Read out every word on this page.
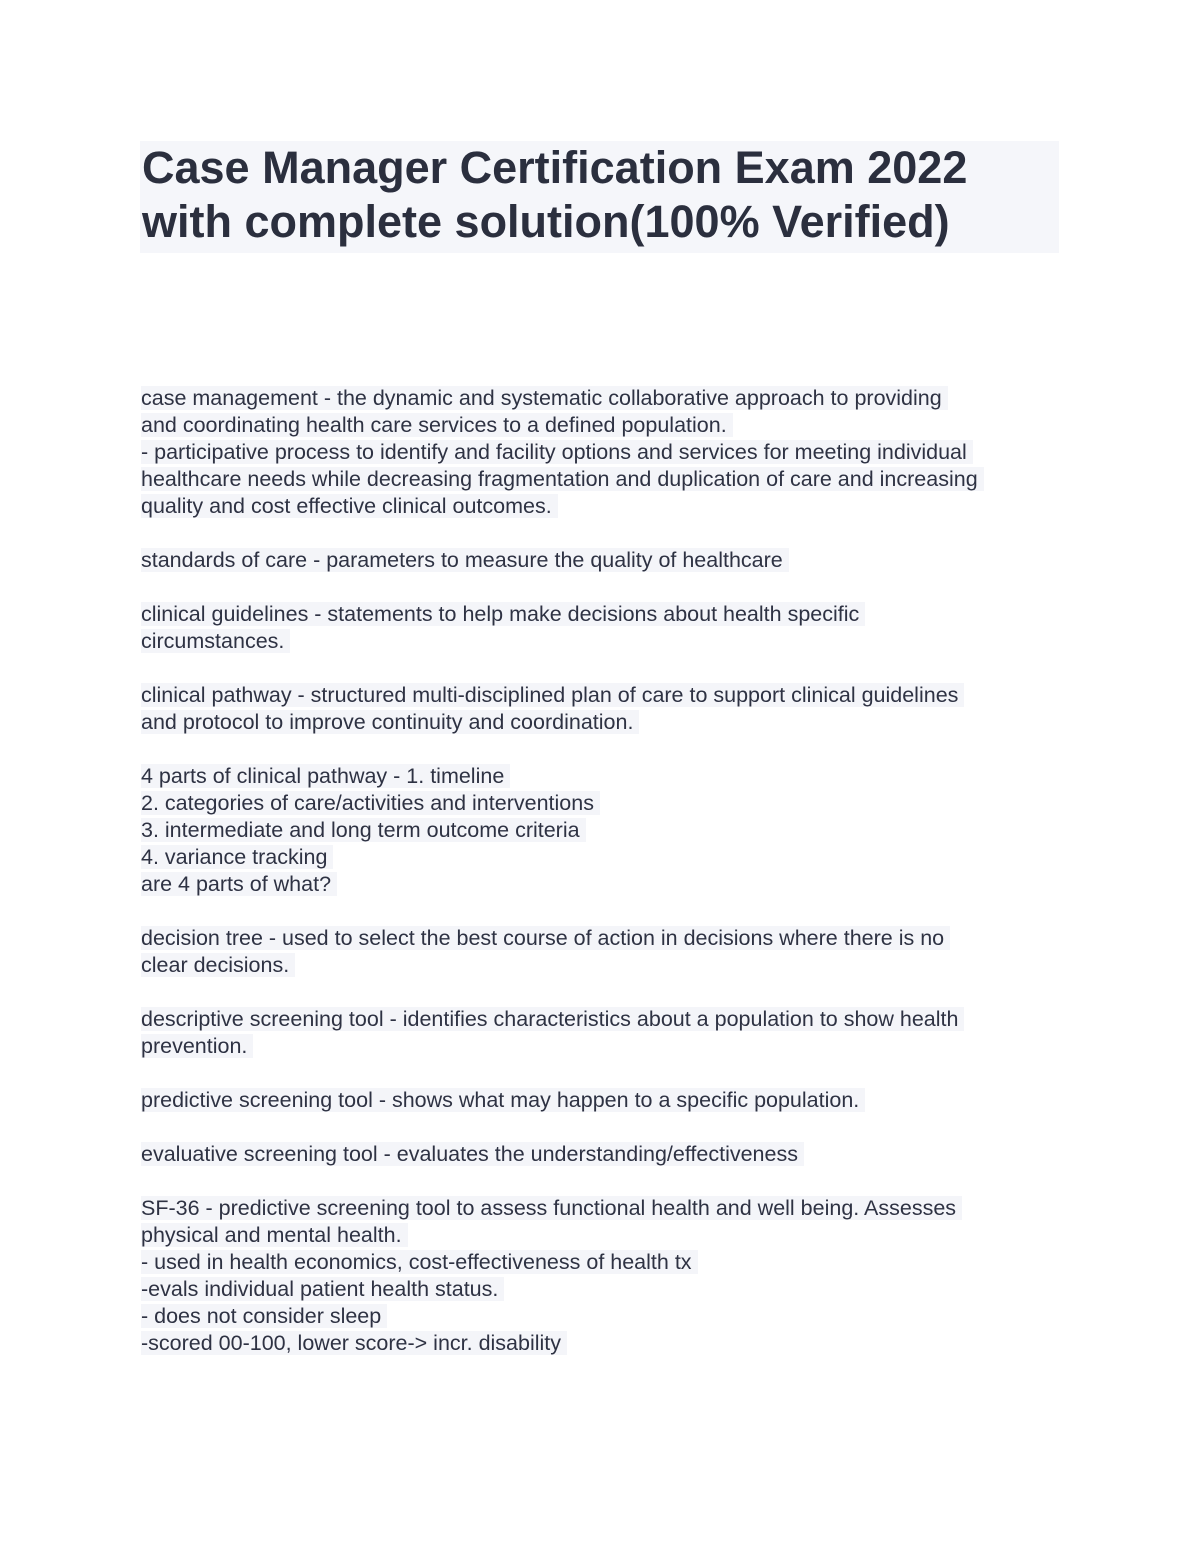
Case Manager Certification Exam 2022
with complete solution(100% Verified)
case management - the dynamic and systematic collaborative approach to providing
and coordinating health care services to a defined population.
- participative process to identify and facility options and services for meeting individual
healthcare needs while decreasing fragmentation and duplication of care and increasing
quality and cost effective clinical outcomes.
standards of care - parameters to measure the quality of healthcare
clinical guidelines - statements to help make decisions about health specific
circumstances.
clinical pathway - structured multi-disciplined plan of care to support clinical guidelines
and protocol to improve continuity and coordination.
4 parts of clinical pathway - 1. timeline
2. categories of care/activities and interventions
3. intermediate and long term outcome criteria
4. variance tracking
are 4 parts of what?
decision tree - used to select the best course of action in decisions where there is no
clear decisions.
descriptive screening tool - identifies characteristics about a population to show health
prevention.
predictive screening tool - shows what may happen to a specific population.
evaluative screening tool - evaluates the understanding/effectiveness
SF-36 - predictive screening tool to assess functional health and well being. Assesses
physical and mental health.
- used in health economics, cost-effectiveness of health tx
-evals individual patient health status.
- does not consider sleep
-scored 00-100, lower score-> incr. disability
